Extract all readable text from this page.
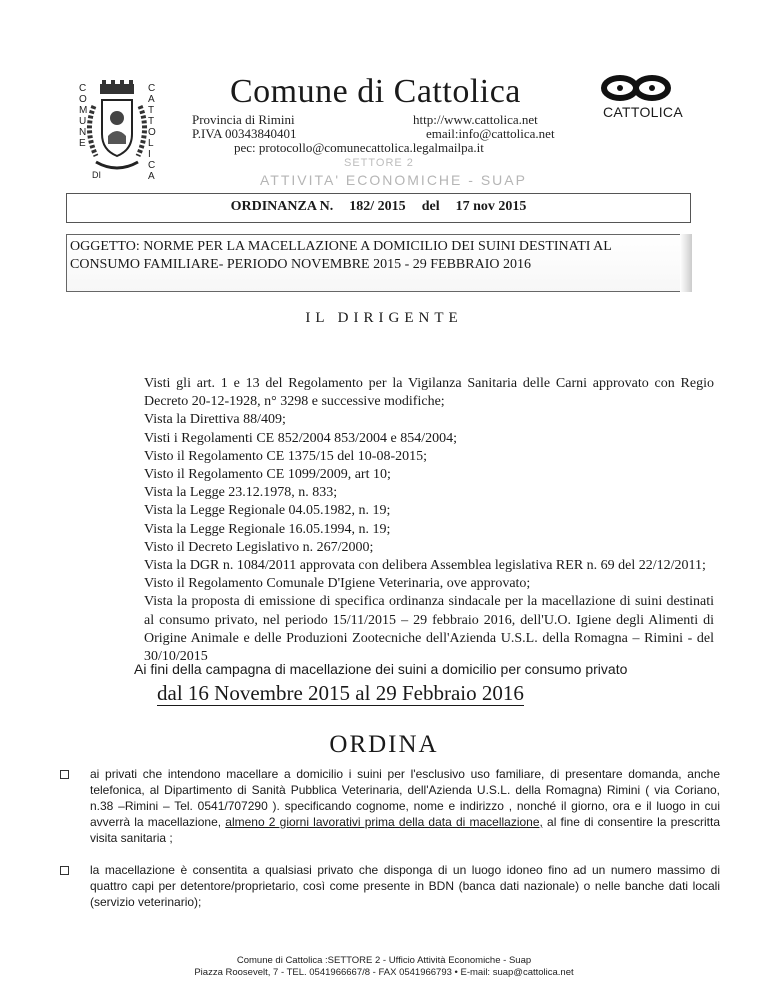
C
O
M
U
N
E
C
A
T
T
O
L
I
C
A
DI
Comune di Cattolica
Provincia di Rimini
P.IVA 00343840401
http://www.cattolica.net
email:info@cattolica.net
pec: protocollo@comunecattolica.legalmailpa.it
SETTORE 2
ATTIVITA' ECONOMICHE - SUAP
CATTOLICA
ORDINANZA N. 182/ 2015 del 17 nov 2015
OGGETTO: NORME PER LA MACELLAZIONE A DOMICILIO DEI SUINI DESTINATI AL CONSUMO FAMILIARE- PERIODO NOVEMBRE 2015 - 29 FEBBRAIO 2016
IL DIRIGENTE
Visti gli art. 1 e 13 del Regolamento per la Vigilanza Sanitaria delle Carni approvato con Regio Decreto 20-12-1928, n° 3298 e successive modifiche;
Vista la Direttiva 88/409;
Visti i Regolamenti CE 852/2004 853/2004 e 854/2004;
Visto il Regolamento CE 1375/15 del 10-08-2015;
Visto il Regolamento CE 1099/2009, art 10;
Vista la Legge 23.12.1978, n. 833;
Vista la Legge Regionale 04.05.1982, n. 19;
Vista la Legge Regionale 16.05.1994, n. 19;
Visto il Decreto Legislativo n. 267/2000;
Vista la DGR n. 1084/2011 approvata con delibera Assemblea legislativa RER n. 69 del 22/12/2011;
Visto il Regolamento Comunale D'Igiene Veterinaria, ove approvato;
Vista la proposta di emissione di specifica ordinanza sindacale per la macellazione di suini destinati al consumo privato, nel periodo 15/11/2015 – 29 febbraio 2016, dell'U.O. Igiene degli Alimenti di Origine Animale e delle Produzioni Zootecniche dell'Azienda U.S.L. della Romagna – Rimini - del 30/10/2015
Ai fini della campagna di macellazione dei suini a domicilio per consumo privato
dal 16 Novembre 2015 al 29 Febbraio 2016
ORDINA
ai privati che intendono macellare a domicilio i suini per l'esclusivo uso familiare, di presentare domanda, anche telefonica, al Dipartimento di Sanità Pubblica Veterinaria, dell'Azienda U.S.L. della Romagna) Rimini ( via Coriano, n.38 –Rimini – Tel. 0541/707290 ). specificando cognome, nome e indirizzo , nonché il giorno, ora e il luogo in cui avverrà la macellazione, almeno 2 giorni lavorativi prima della data di macellazione, al fine di consentire la prescritta visita sanitaria ;
la macellazione è consentita a qualsiasi privato che disponga di un luogo idoneo fino ad un numero massimo di quattro capi per detentore/proprietario, così come presente in BDN (banca dati nazionale) o nelle banche dati locali (servizio veterinario);
Comune di Cattolica :SETTORE 2 - Ufficio Attività Economiche - Suap
Piazza Roosevelt, 7 - TEL. 0541966667/8 - FAX 0541966793 • E-mail: suap@cattolica.net
